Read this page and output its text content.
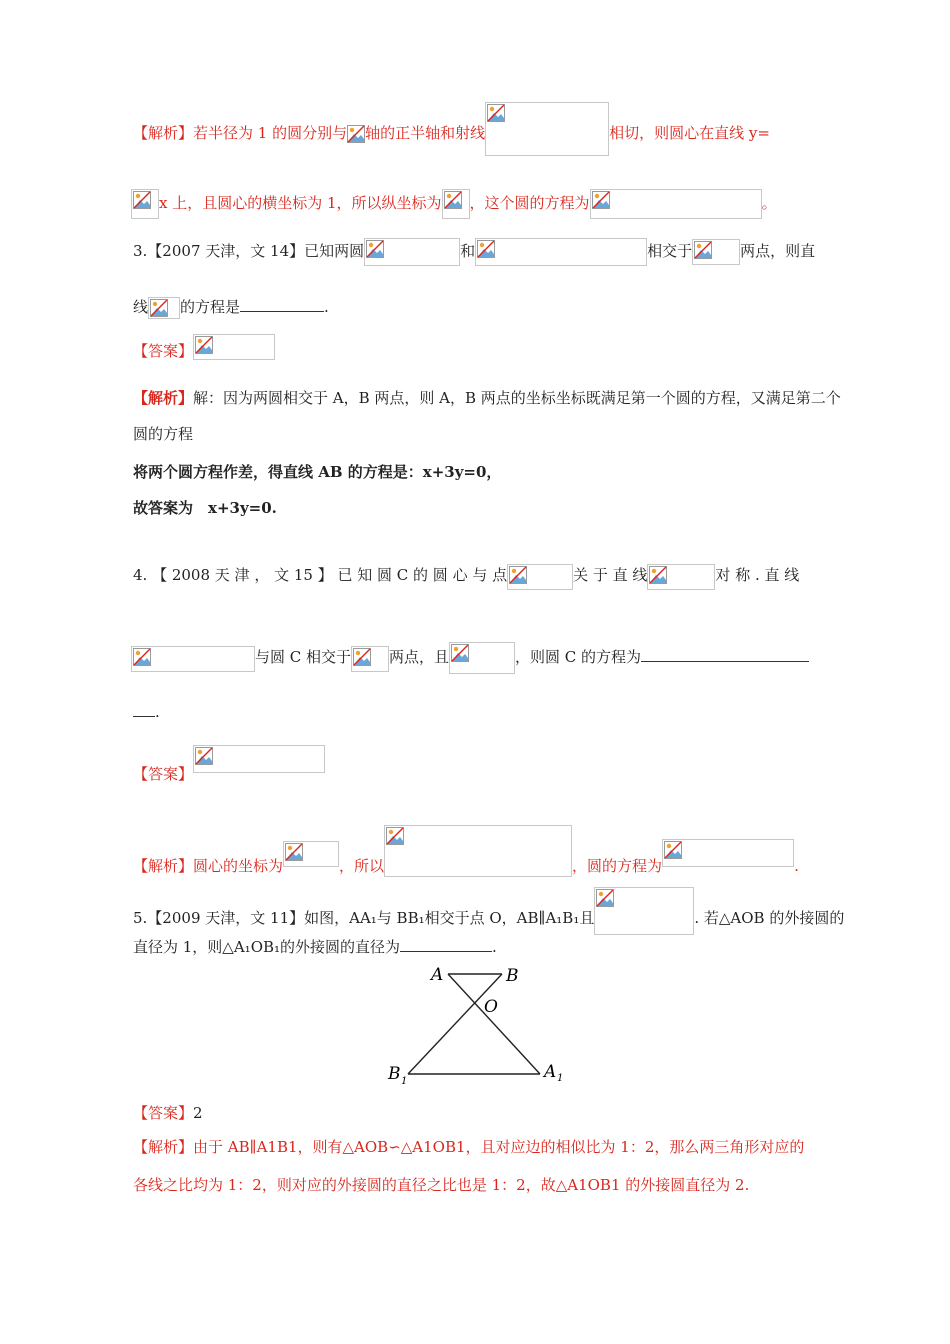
【解析】若半径为 1 的圆分别与 轴的正半轴和射线	相切，则圆心在直线 y=
x 上，且圆心的横坐标为 1，所以纵坐标为 ，这个圆的方程为	。
3.【2007 天津，文 14】已知两圆	和	相交于	两点，则直
线 的方程是	.
【答案】
【解析】解：因为两圆相交于 A，B 两点，则 A，B 两点的坐标坐标既满足第一个圆的方程，又满足第二个
圆的方程
将两个圆方程作差，得直线 AB 的方程是：x+3y=0，
故答案为　x+3y=0.
4. 【 2008 天 津 ， 文 15 】 已 知 圆 C 的 圆 心 与 点	关 于 直 线	对 称 . 直 线
与圆 C 相交于	两点，且	，则圆 C 的方程为
.
【答案】
【解析】圆心的坐标为	，所以	，圆的方程为	.
5.【2009 天津，文 11】如图，AA₁与 BB₁相交于点 O，AB∥A₁B₁且	. 若△AOB 的外接圆的
直径为 1，则△A₁OB₁的外接圆的直径为	.
A	B
O
B 1	A 1
【答案】2
【解析】由于 AB∥A1B1，则有△AOB∽△A1OB1，且对应边的相似比为 1：2，那么两三角形对应的
各线之比均为 1：2，则对应的外接圆的直径之比也是 1：2，故△A1OB1 的外接圆直径为 2.
